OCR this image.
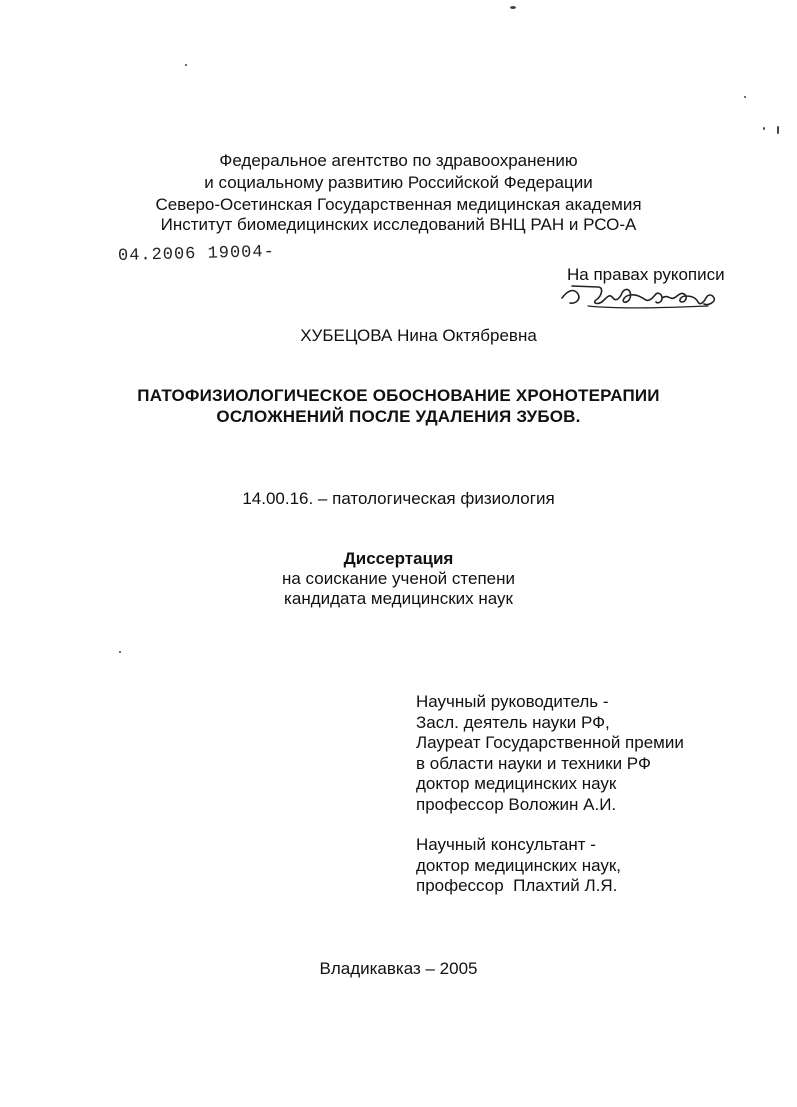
Федеральное агентство по здравоохранению
и социальному развитию Российской Федерации
Северо-Осетинская Государственная медицинская академия
Институт биомедицинских исследований ВНЦ РАН и РСО-А
04.2006 19004-
На правах рукописи
ХУБЕЦОВА Нина Октябревна
ПАТОФИЗИОЛОГИЧЕСКОЕ ОБОСНОВАНИЕ ХРОНОТЕРАПИИ
ОСЛОЖНЕНИЙ ПОСЛЕ УДАЛЕНИЯ ЗУБОВ.
14.00.16. – патологическая физиология
Диссертация
на соискание ученой степени
кандидата медицинских наук
Научный руководитель -
Засл. деятель науки РФ,
Лауреат Государственной премии
в области науки и техники РФ
доктор медицинских наук
профессор Воложин А.И.
Научный консультант -
доктор медицинских наук,
профессор  Плахтий Л.Я.
Владикавказ – 2005
